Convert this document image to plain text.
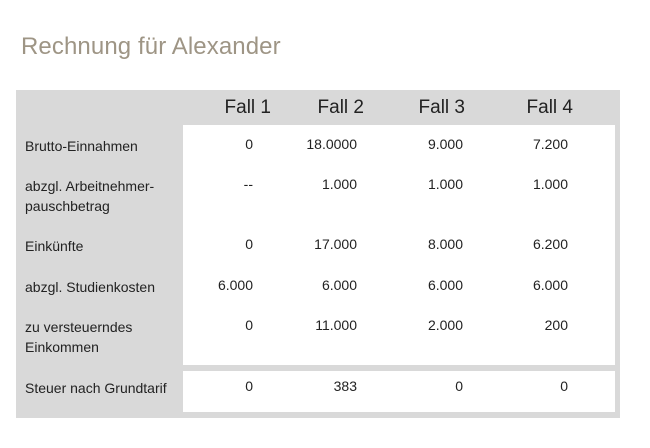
Rechnung für Alexander
Fall 1	Fall 2	Fall 3	Fall 4
Brutto-Einnahmen	0	18.0000	9.000	7.200
abzgl. Arbeitnehmer-
pauschbetrag
--	1.000	1.000	1.000
Einkünfte	0	17.000	8.000	6.200
abzgl. Studienkosten	6.000	6.000	6.000	6.000
zu versteuerndes Einkommen
0	11.000	2.000	200
Steuer nach Grundtarif	0	383	0	0
